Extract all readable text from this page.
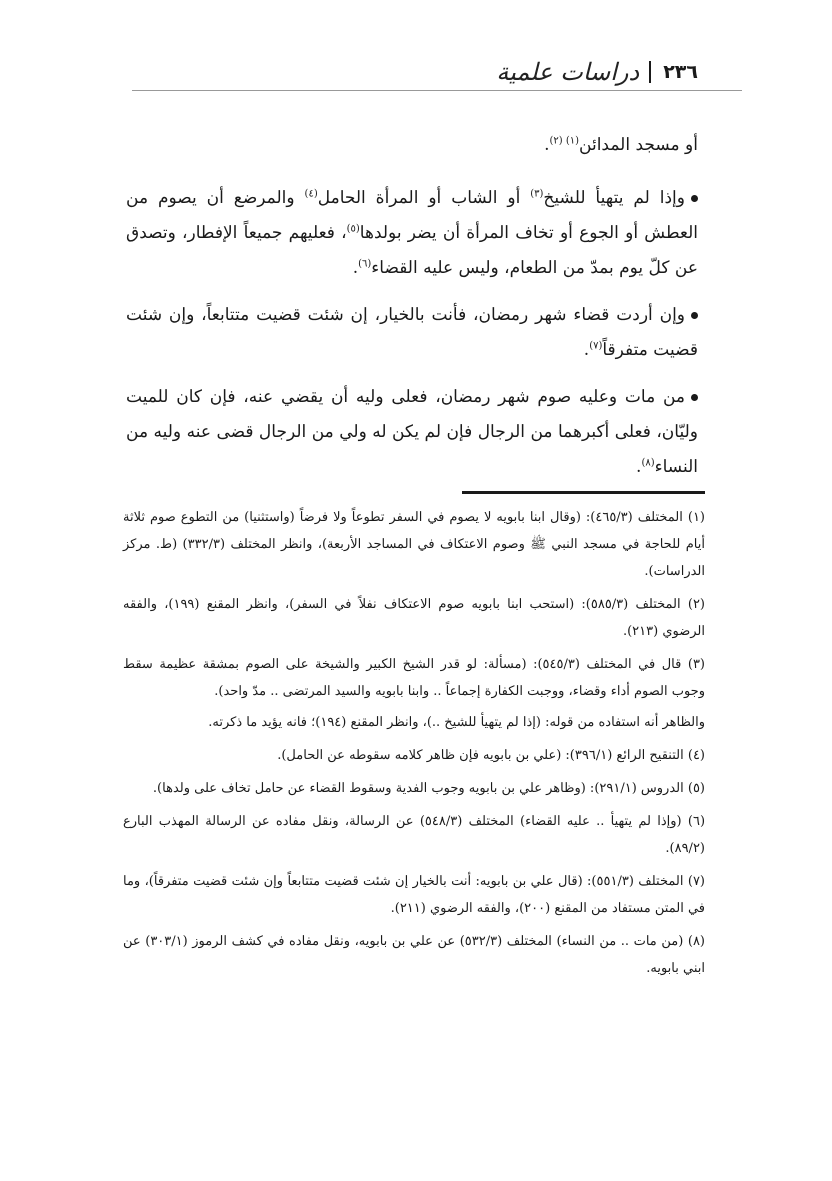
٢٣٦
دراسات علمية

أو مسجد المدائن$^{(١) (٢)}$.

وإذا لم يتهيأ للشيخ$^{(٣)}$ أو الشاب أو المرأة الحامل$^{(٤)}$ والمرضع أن يصوم من العطش أو الجوع أو تخاف المرأة أن يضر بولدها$^{(٥)}$، فعليهم جميعاً الإفطار، وتصدق عن كلّ يوم بمدّ من الطعام، وليس عليه القضاء$^{(٦)}$.

وإن أردت قضاء شهر رمضان، فأنت بالخيار، إن شئت قضيت متتابعاً، وإن شئت قضيت متفرقاً$^{(٧)}$.

من مات وعليه صوم شهر رمضان، فعلى وليه أن يقضي عنه، فإن كان للميت وليّان، فعلى أكبرهما من الرجال فإن لم يكن له ولي من الرجال قضى عنه وليه من النساء$^{(٨)}$.

(١) المختلف (٤٦٥/٣): (وقال ابنا بابويه لا يصوم في السفر تطوعاً ولا فرضاً (واستثنيا) من التطوع صوم ثلاثة أيام للحاجة في مسجد النبي ﷺ وصوم الاعتكاف في المساجد الأربعة)، وانظر المختلف (٣٣٢/٣) (ط. مركز الدراسات).

(٢) المختلف (٥٨٥/٣): (استحب ابنا بابويه صوم الاعتكاف نفلاً في السفر)، وانظر المقنع (١٩٩)، والفقه الرضوي (٢١٣).

(٣) قال في المختلف (٥٤٥/٣): (مسألة: لو قدر الشيخ الكبير والشيخة على الصوم بمشقة عظيمة سقط وجوب الصوم أداء وقضاء، ووجبت الكفارة إجماعاً .. وابنا بابويه والسيد المرتضى .. مدّ واحد).

والظاهر أنه استفاده من قوله: (إذا لم يتهيأ للشيخ ..)، وانظر المقنع (١٩٤)؛ فانه يؤيد ما ذكرته.

(٤) التنقيح الرائع (٣٩٦/١): (علي بن بابويه فإن ظاهر كلامه سقوطه عن الحامل).

(٥) الدروس (٢٩١/١): (وظاهر علي بن بابويه وجوب الفدية وسقوط القضاء عن حامل تخاف على ولدها).

(٦) (وإذا لم يتهيأ .. عليه القضاء) المختلف (٥٤٨/٣) عن الرسالة، ونقل مفاده عن الرسالة المهذب البارع (٨٩/٢).

(٧) المختلف (٥٥١/٣): (قال علي بن بابويه: أنت بالخيار إن شئت قضيت متتابعاً وإن شئت قضيت متفرقاً)، وما في المتن مستفاد من المقنع (٢٠٠)، والفقه الرضوي (٢١١).

(٨) (من مات .. من النساء) المختلف (٥٣٢/٣) عن علي بن بابويه، ونقل مفاده في كشف الرموز (٣٠٣/١) عن ابني بابويه.
